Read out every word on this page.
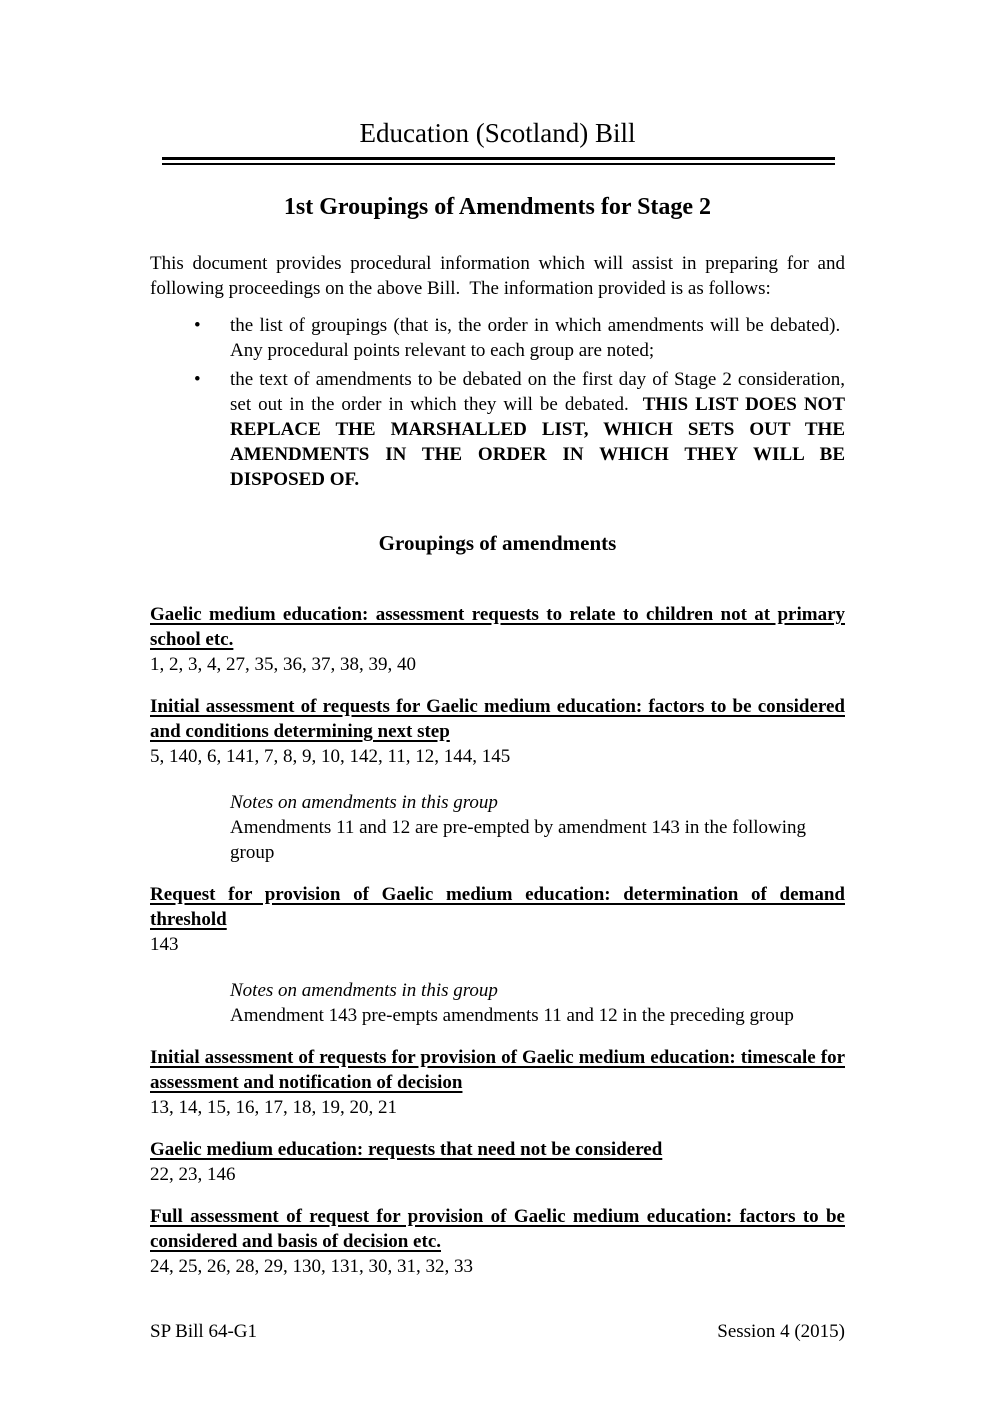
Education (Scotland) Bill
1st Groupings of Amendments for Stage 2

This document provides procedural information which will assist in preparing for and following proceedings on the above Bill.  The information provided is as follows:

• the list of groupings (that is, the order in which amendments will be debated).  Any procedural points relevant to each group are noted;
• the text of amendments to be debated on the first day of Stage 2 consideration, set out in the order in which they will be debated.  THIS LIST DOES NOT REPLACE THE MARSHALLED LIST, WHICH SETS OUT THE AMENDMENTS IN THE ORDER IN WHICH THEY WILL BE DISPOSED OF.
Groupings of amendments
Gaelic medium education: assessment requests to relate to children not at primary school etc.
1, 2, 3, 4, 27, 35, 36, 37, 38, 39, 40
Initial assessment of requests for Gaelic medium education: factors to be considered and conditions determining next step
5, 140, 6, 141, 7, 8, 9, 10, 142, 11, 12, 144, 145
Notes on amendments in this group
Amendments 11 and 12 are pre-empted by amendment 143 in the following group
Request for provision of Gaelic medium education: determination of demand threshold
143
Notes on amendments in this group
Amendment 143 pre-empts amendments 11 and 12 in the preceding group
Initial assessment of requests for provision of Gaelic medium education: timescale for assessment and notification of decision
13, 14, 15, 16, 17, 18, 19, 20, 21
Gaelic medium education: requests that need not be considered
22, 23, 146
Full assessment of request for provision of Gaelic medium education: factors to be considered and basis of decision etc.
24, 25, 26, 28, 29, 130, 131, 30, 31, 32, 33
SP Bill 64-G1	Session 4 (2015)
